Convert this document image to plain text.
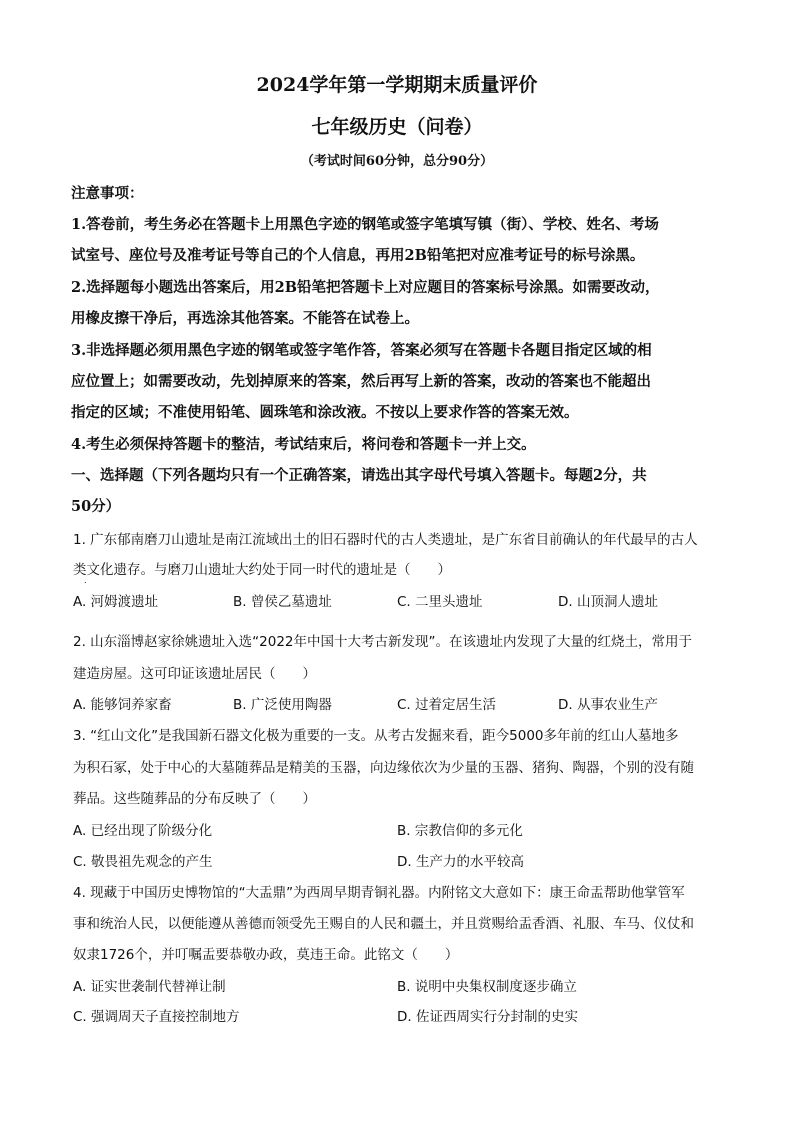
2024学年第一学期期末质量评价
七年级历史（问卷）
（考试时间60分钟，总分90分）
注意事项：
1.答卷前，考生务必在答题卡上用黑色字迹的钢笔或签字笔填写镇（街）、学校、姓名、考场
试室号、座位号及准考证号等自己的个人信息，再用2B铅笔把对应准考证号的标号涂黑。
2.选择题每小题选出答案后，用2B铅笔把答题卡上对应题目的答案标号涂黑。如需要改动，
用橡皮擦干净后，再选涂其他答案。不能答在试卷上。
3.非选择题必须用黑色字迹的钢笔或签字笔作答，答案必须写在答题卡各题目指定区域的相
应位置上；如需要改动，先划掉原来的答案，然后再写上新的答案，改动的答案也不能超出
指定的区域；不准使用铅笔、圆珠笔和涂改液。不按以上要求作答的答案无效。
4.考生必须保持答题卡的整洁，考试结束后，将问卷和答题卡一并上交。
一、选择题（下列各题均只有一个正确答案，请选出其字母代号填入答题卡。每题2分，共
50分）
1. 广东郁南磨刀山遗址是南江流域出土的旧石器时代的古人类遗址，是广东省目前确认的年代最早的古人
类文化遗存。与磨刀山遗址大约处于同一时代的遗址是（　　）
.
A. 河姆渡遗址	B. 曾侯乙墓遗址	C. 二里头遗址	D. 山顶洞人遗址
2. 山东淄博赵家徐姚遗址入选“2022年中国十大考古新发现”。在该遗址内发现了大量的红烧土，常用于
建造房屋。这可印证该遗址居民（　　）
A. 能够饲养家畜	B. 广泛使用陶器	C. 过着定居生活	D. 从事农业生产
3. “红山文化”是我国新石器文化极为重要的一支。从考古发掘来看，距今5000多年前的红山人墓地多
为积石冢，处于中心的大墓随葬品是精美的玉器，向边缘依次为少量的玉器、猪狗、陶器，个别的没有随
葬品。这些随葬品的分布反映了（　　）
A. 已经出现了阶级分化	B. 宗教信仰的多元化
C. 敬畏祖先观念的产生	D. 生产力的水平较高
4. 现藏于中国历史博物馆的“大盂鼎”为西周早期青铜礼器。内附铭文大意如下：康王命盂帮助他掌管军
事和统治人民，以便能遵从善德而领受先王赐自的人民和疆土，并且赏赐给盂香酒、礼服、车马、仪仗和
奴隶1726个，并叮嘱盂要恭敬办政，莫违王命。此铭文（　　）
A. 证实世袭制代替禅让制	B. 说明中央集权制度逐步确立
C. 强调周天子直接控制地方	D. 佐证西周实行分封制的史实
